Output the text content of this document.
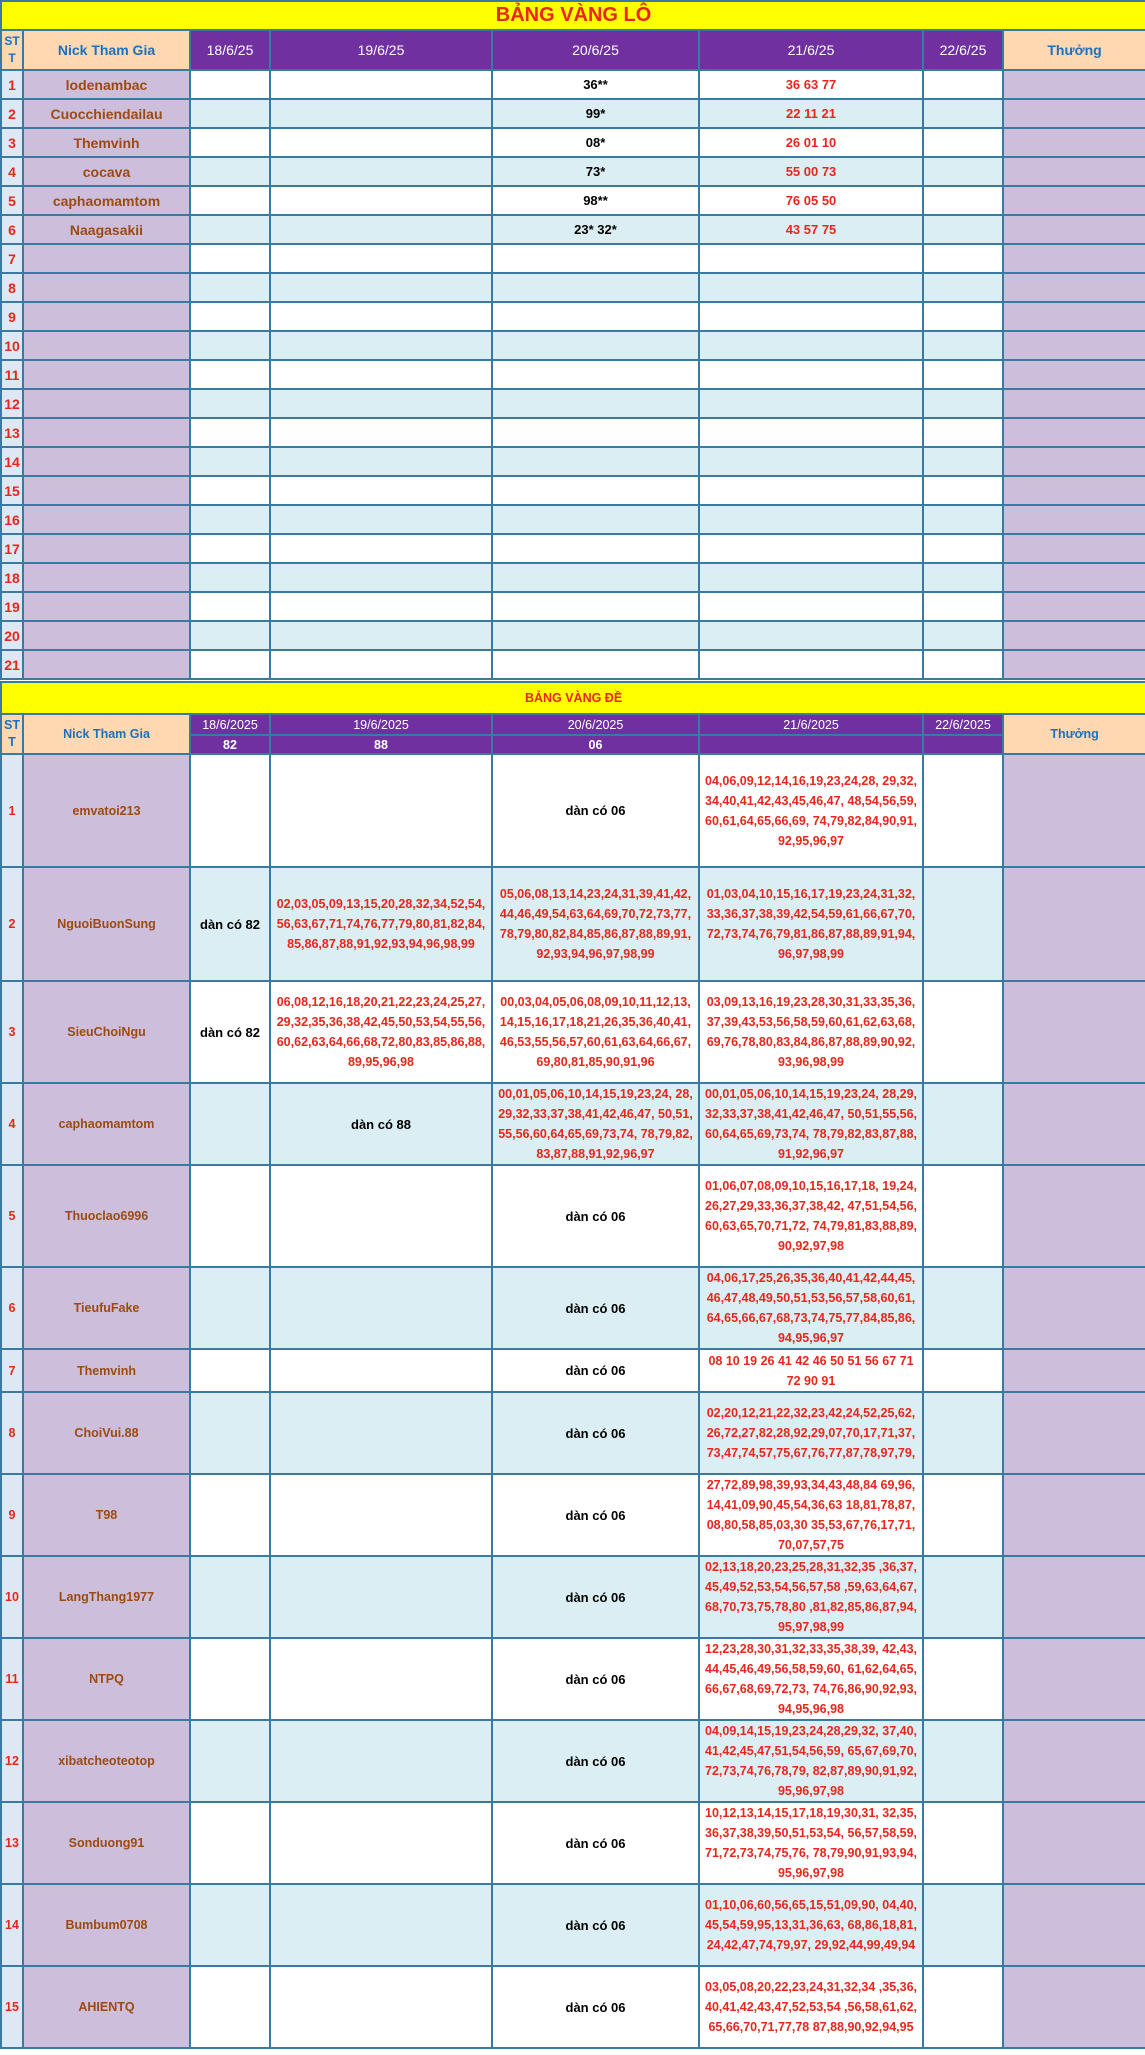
BẢNG VÀNG LÔ							
ST T	Nick Tham Gia	18/6/25	19/6/25	20/6/25	21/6/25	22/6/25	Thưởng
1	lodenambac			36**	36 63 77		
2	Cuocchiendailau			99*	22 11 21		
3	Themvinh			08*	26 01 10		
4	cocava			73*	55 00 73		
5	caphaomamtom			98**	76 05 50		
6	Naagasakii			23* 32*	43 57 75		
7							
8							
9							
10							
11							
12							
13							
14							
15							
16							
17							
18							
19							
20							
21							
BẢNG VÀNG ĐỀ							
ST T	Nick Tham Gia	18/6/2025	19/6/2025	20/6/2025	21/6/2025	22/6/2025	Thưởng
		82	88	06			
1	emvatoi213			dàn có 06	04,06,09,12,14,16,19,23,24,28, 29,32,34,40,41,42,43,45,46,47, 48,54,56,59,60,61,64,65,66,69, 74,79,82,84,90,91,92,95,96,97		
2	NguoiBuonSung	dàn có 82	02,03,05,09,13,15,20,28,32,34,52,54, 56,63,67,71,74,76,77,79,80,81,82,84, 85,86,87,88,91,92,93,94,96,98,99	05,06,08,13,14,23,24,31,39,41,42, 44,46,49,54,63,64,69,70,72,73,77, 78,79,80,82,84,85,86,87,88,89,91, 92,93,94,96,97,98,99	01,03,04,10,15,16,17,19,23,24,31,32, 33,36,37,38,39,42,54,59,61,66,67,70, 72,73,74,76,79,81,86,87,88,89,91,94, 96,97,98,99		
3	SieuChoiNgu	dàn có 82	06,08,12,16,18,20,21,22,23,24,25,27, 29,32,35,36,38,42,45,50,53,54,55,56, 60,62,63,64,66,68,72,80,83,85,86,88, 89,95,96,98	00,03,04,05,06,08,09,10,11,12,13, 14,15,16,17,18,21,26,35,36,40,41, 46,53,55,56,57,60,61,63,64,66,67, 69,80,81,85,90,91,96	03,09,13,16,19,23,28,30,31,33,35,36, 37,39,43,53,56,58,59,60,61,62,63,68, 69,76,78,80,83,84,86,87,88,89,90,92, 93,96,98,99		
4	caphaomamtom		dàn có 88	00,01,05,06,10,14,15,19,23,24, 28,29,32,33,37,38,41,42,46,47, 50,51,55,56,60,64,65,69,73,74, 78,79,82,83,87,88,91,92,96,97	00,01,05,06,10,14,15,19,23,24, 28,29,32,33,37,38,41,42,46,47, 50,51,55,56,60,64,65,69,73,74, 78,79,82,83,87,88,91,92,96,97		
5	Thuoclao6996			dàn có 06	01,06,07,08,09,10,15,16,17,18, 19,24,26,27,29,33,36,37,38,42, 47,51,54,56,60,63,65,70,71,72, 74,79,81,83,88,89,90,92,97,98		
6	TieufuFake			dàn có 06	04,06,17,25,26,35,36,40,41,42,44,45, 46,47,48,49,50,51,53,56,57,58,60,61, 64,65,66,67,68,73,74,75,77,84,85,86, 94,95,96,97		
7	Themvinh			dàn có 06	08 10 19 26 41 42 46 50 51 56 67 71 72 90 91		
8	ChoiVui.88			dàn có 06	02,20,12,21,22,32,23,42,24,52,25,62, 26,72,27,82,28,92,29,07,70,17,71,37, 73,47,74,57,75,67,76,77,87,78,97,79,		
9	T98			dàn có 06	27,72,89,98,39,93,34,43,48,84 69,96,14,41,09,90,45,54,36,63 18,81,78,87,08,80,58,85,03,30 35,53,67,76,17,71,70,07,57,75		
10	LangThang1977			dàn có 06	02,13,18,20,23,25,28,31,32,35 ,36,37,45,49,52,53,54,56,57,58 ,59,63,64,67,68,70,73,75,78,80 ,81,82,85,86,87,94,95,97,98,99		
11	NTPQ			dàn có 06	12,23,28,30,31,32,33,35,38,39, 42,43,44,45,46,49,56,58,59,60, 61,62,64,65,66,67,68,69,72,73, 74,76,86,90,92,93,94,95,96,98		
12	xibatcheoteotop			dàn có 06	04,09,14,15,19,23,24,28,29,32, 37,40,41,42,45,47,51,54,56,59, 65,67,69,70,72,73,74,76,78,79, 82,87,89,90,91,92,95,96,97,98		
13	Sonduong91			dàn có 06	10,12,13,14,15,17,18,19,30,31, 32,35,36,37,38,39,50,51,53,54, 56,57,58,59,71,72,73,74,75,76, 78,79,90,91,93,94,95,96,97,98		
14	Bumbum0708			dàn có 06	01,10,06,60,56,65,15,51,09,90, 04,40,45,54,59,95,13,31,36,63, 68,86,18,81,24,42,47,74,79,97, 29,92,44,99,49,94		
15	AHIENTQ			dàn có 06	03,05,08,20,22,23,24,31,32,34 ,35,36,40,41,42,43,47,52,53,54 ,56,58,61,62,65,66,70,71,77,78 87,88,90,92,94,95		
